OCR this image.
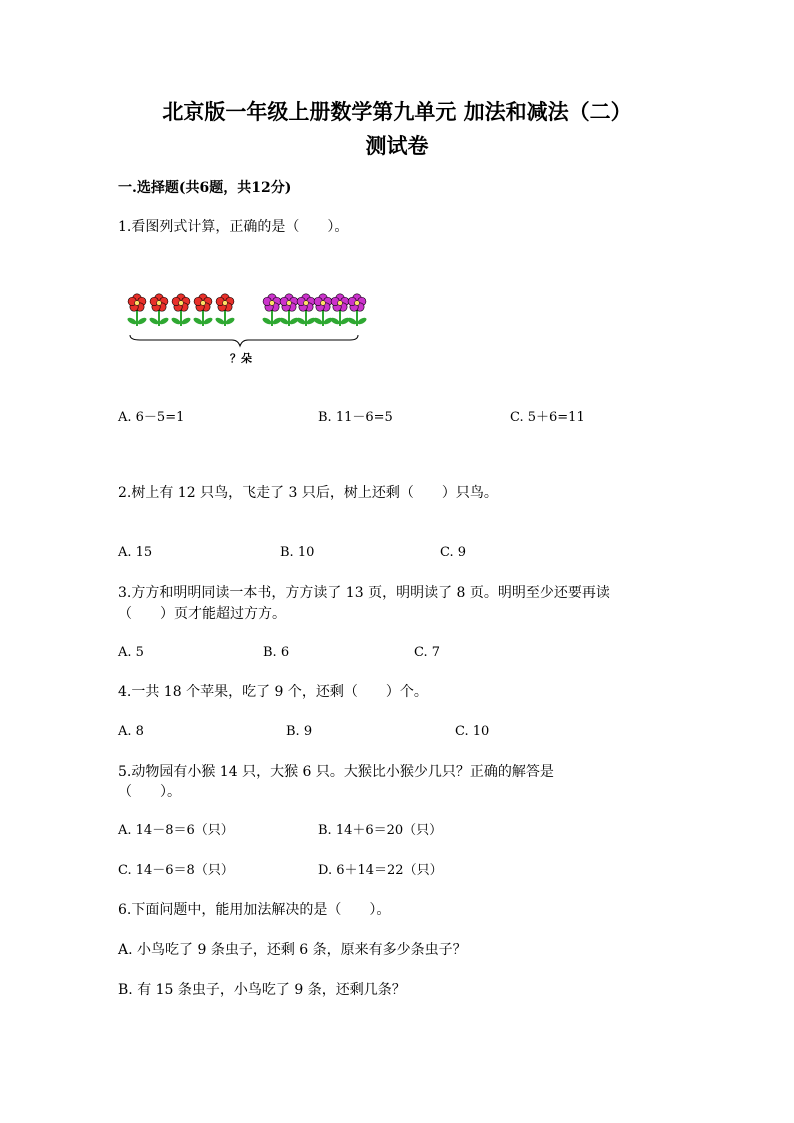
北京版一年级上册数学第九单元 加法和减法（二）
测试卷
一.选择题(共6题，共12分)
1.看图列式计算，正确的是（　　）。
？朵
A. 6－5=1	B. 11－6=5	C. 5＋6=11
2.树上有 12 只鸟，飞走了 3 只后，树上还剩（　　）只鸟。
A. 15	B. 10	C. 9
3.方方和明明同读一本书，方方读了 13 页，明明读了 8 页。明明至少还要再读
（　　）页才能超过方方。
A. 5	B. 6	C. 7
4.一共 18 个苹果，吃了 9 个，还剩（　　）个。
A. 8	B. 9	C. 10
5.动物园有小猴 14 只，大猴 6 只。大猴比小猴少几只？正确的解答是
（　　）。
A. 14－8＝6（只）	B. 14＋6＝20（只）
C. 14－6＝8（只）	D. 6＋14＝22（只）
6.下面问题中，能用加法解决的是（　　）。
A. 小鸟吃了 9 条虫子，还剩 6 条，原来有多少条虫子？
B. 有 15 条虫子，小鸟吃了 9 条，还剩几条？
